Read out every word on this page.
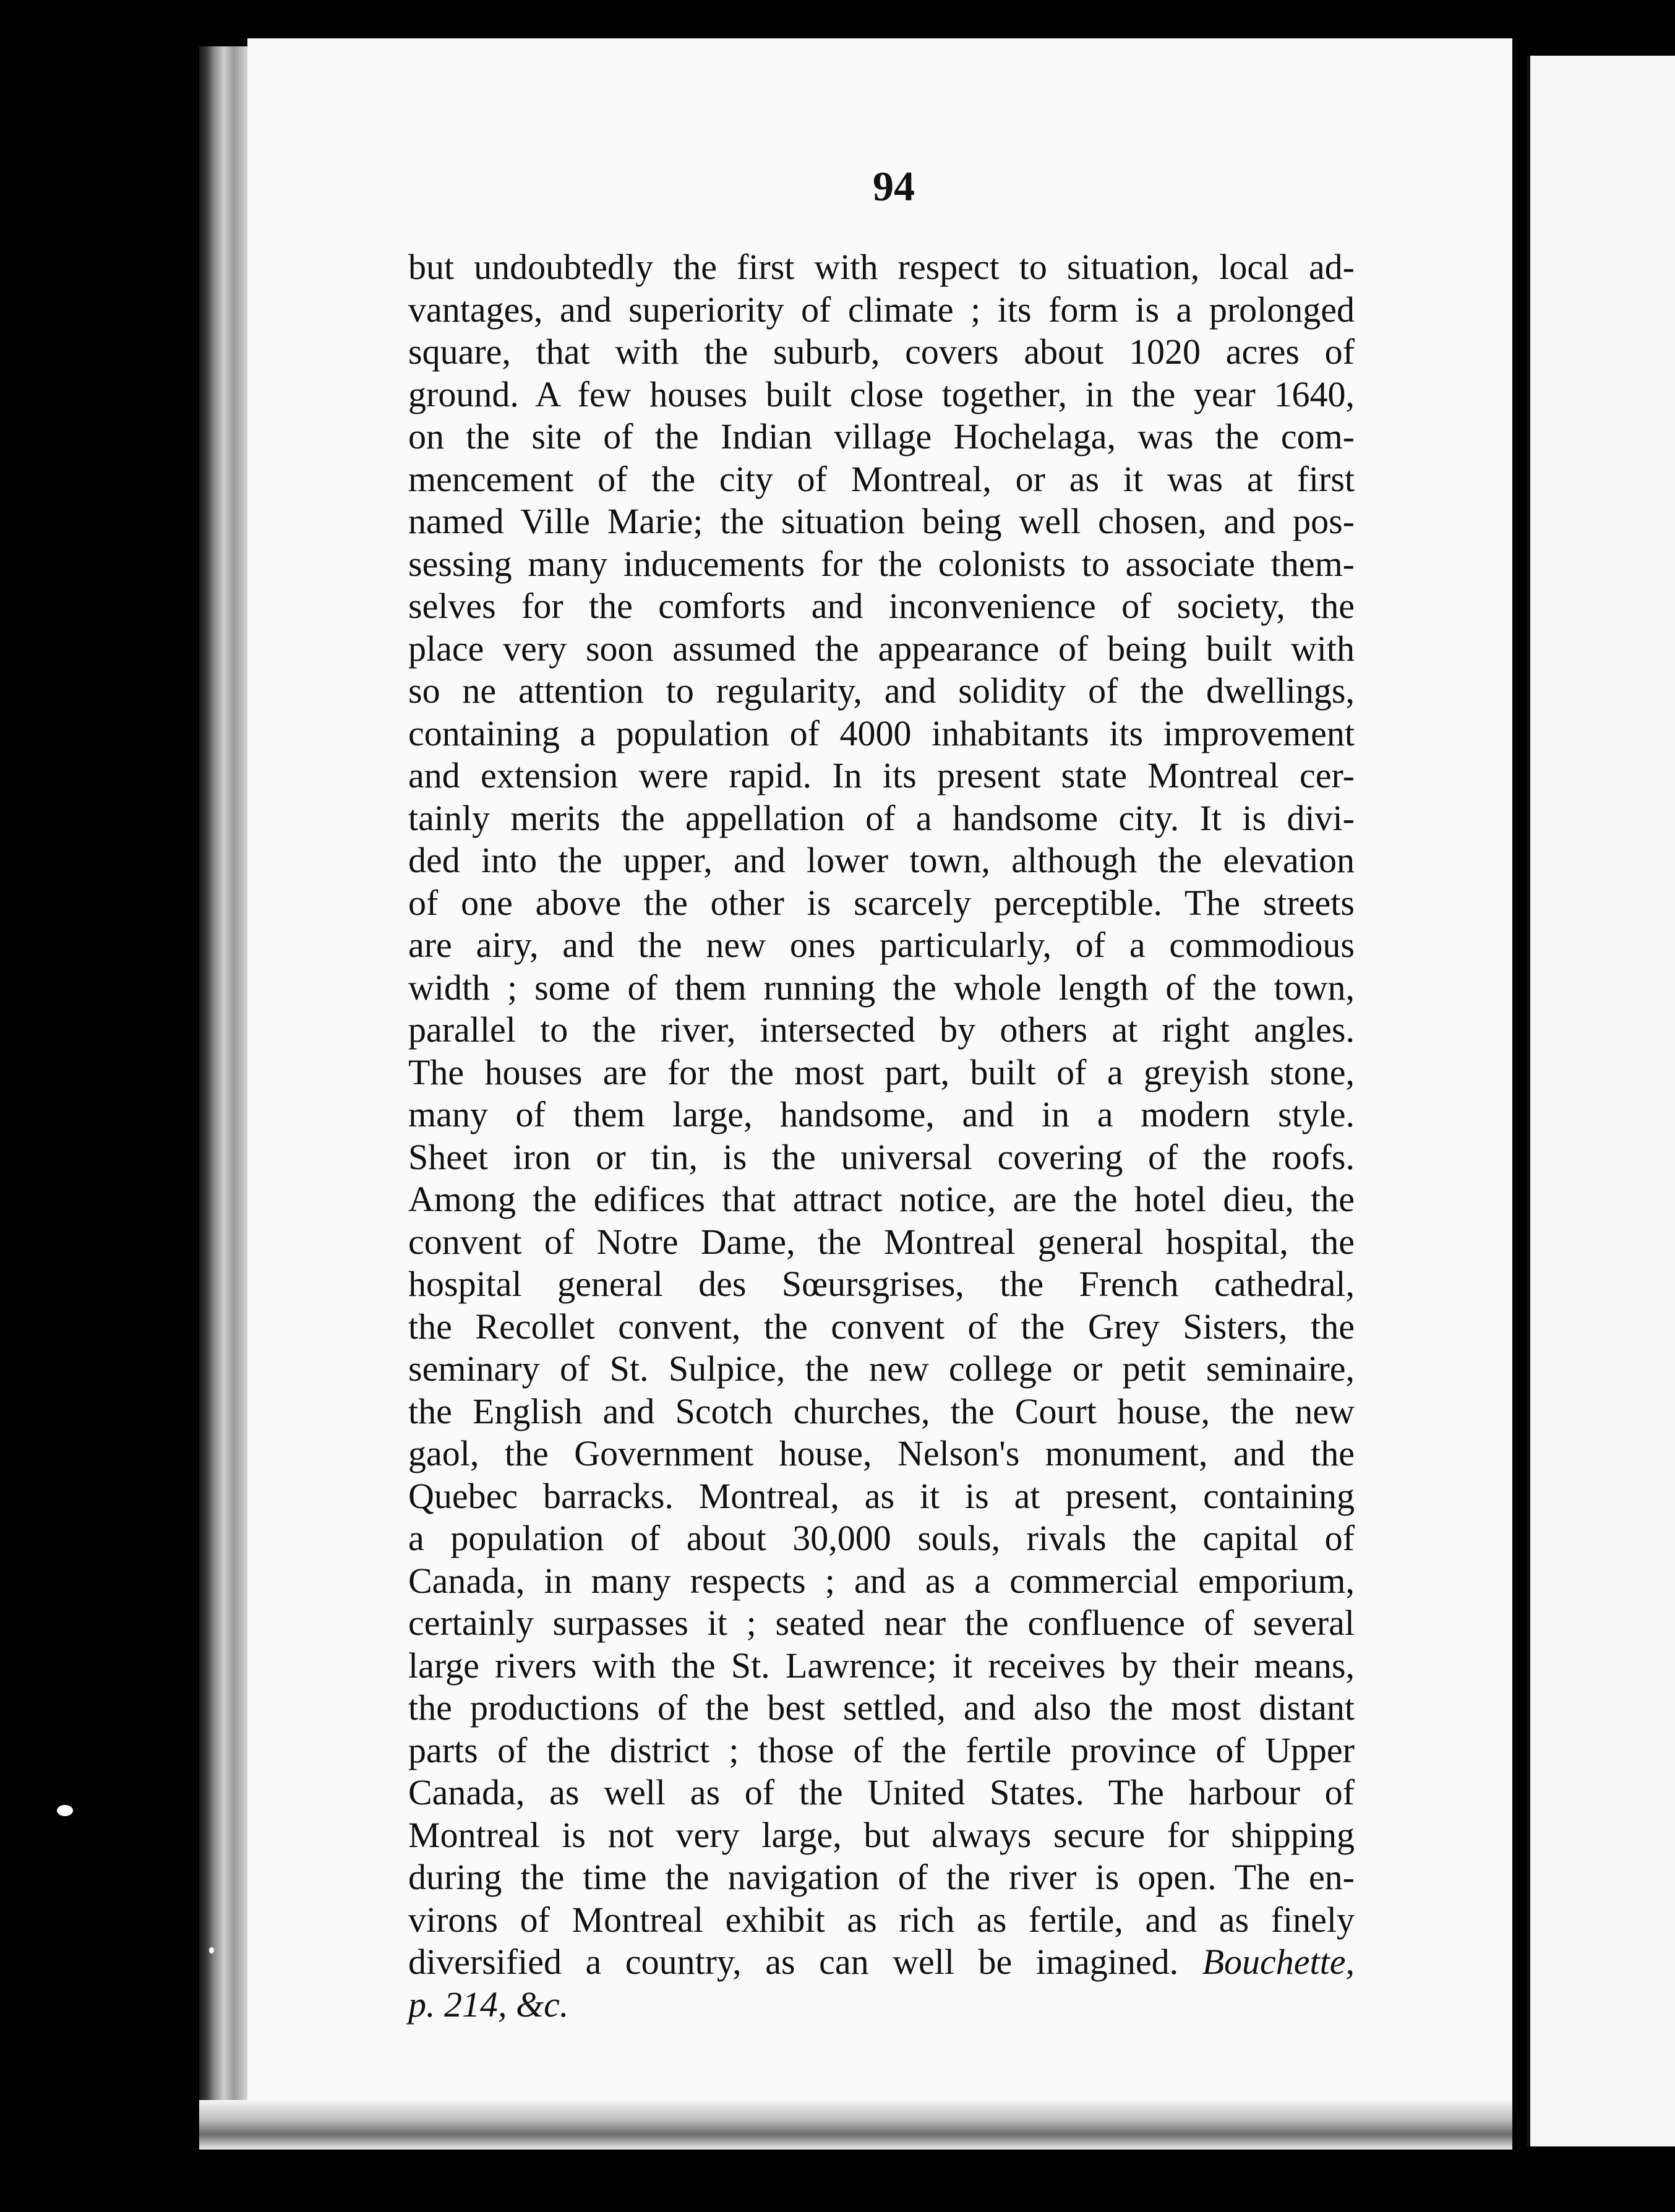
94
but undoubtedly the first with respect to situation, local ad-
vantages, and superiority of climate ; its form is a prolonged
square, that with the suburb, covers about 1020 acres of
ground. A few houses built close together, in the year 1640,
on the site of the Indian village Hochelaga, was the com-
mencement of the city of Montreal, or as it was at first
named Ville Marie; the situation being well chosen, and pos-
sessing many inducements for the colonists to associate them-
selves for the comforts and inconvenience of society, the
place very soon assumed the appearance of being built with
so ne attention to regularity, and solidity of the dwellings,
containing a population of 4000 inhabitants its improvement
and extension were rapid. In its present state Montreal cer-
tainly merits the appellation of a handsome city. It is divi-
ded into the upper, and lower town, although the elevation
of one above the other is scarcely perceptible. The streets
are airy, and the new ones particularly, of a commodious
width ; some of them running the whole length of the town,
parallel to the river, intersected by others at right angles.
The houses are for the most part, built of a greyish stone,
many of them large, handsome, and in a modern style.
Sheet iron or tin, is the universal covering of the roofs.
Among the edifices that attract notice, are the hotel dieu, the
convent of Notre Dame, the Montreal general hospital, the
hospital general des Sœursgrises, the French cathedral,
the Recollet convent, the convent of the Grey Sisters, the
seminary of St. Sulpice, the new college or petit seminaire,
the English and Scotch churches, the Court house, the new
gaol, the Government house, Nelson's monument, and the
Quebec barracks. Montreal, as it is at present, containing
a population of about 30,000 souls, rivals the capital of
Canada, in many respects ; and as a commercial emporium,
certainly surpasses it ; seated near the confluence of several
large rivers with the St. Lawrence; it receives by their means,
the productions of the best settled, and also the most distant
parts of the district ; those of the fertile province of Upper
Canada, as well as of the United States. The harbour of
Montreal is not very large, but always secure for shipping
during the time the navigation of the river is open. The en-
virons of Montreal exhibit as rich as fertile, and as finely
diversified a country, as can well be imagined. Bouchette,
p. 214, &c.
